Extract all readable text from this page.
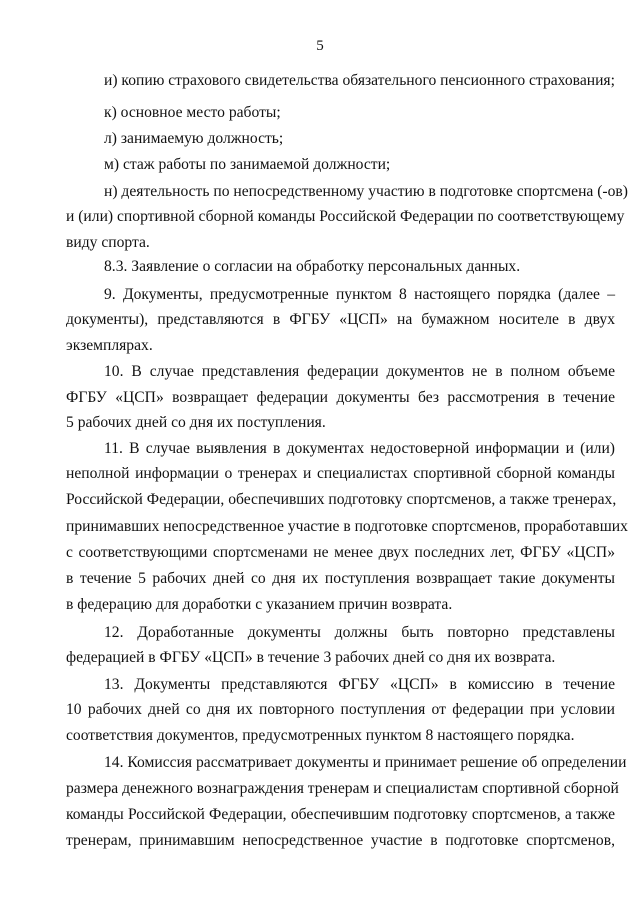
5
и) копию страхового свидетельства обязательного пенсионного страхования;
к) основное место работы;
л) занимаемую должность;
м) стаж работы по занимаемой должности;
н) деятельность по непосредственному участию в подготовке спортсмена (-ов)
и (или) спортивной сборной команды Российской Федерации по соответствующему
виду спорта.
8.3. Заявление о согласии на обработку персональных данных.
9. Документы, предусмотренные пунктом 8 настоящего порядка (далее –
документы), представляются в ФГБУ «ЦСП» на бумажном носителе в двух
экземплярах.
10. В случае представления федерации документов не в полном объеме
ФГБУ «ЦСП» возвращает федерации документы без рассмотрения в течение
5 рабочих дней со дня их поступления.
11. В случае выявления в документах недостоверной информации и (или)
неполной информации о тренерах и специалистах спортивной сборной команды
Российской Федерации, обеспечивших подготовку спортсменов, а также тренерах,
принимавших непосредственное участие в подготовке спортсменов, проработавших
с соответствующими спортсменами не менее двух последних лет, ФГБУ «ЦСП»
в течение 5 рабочих дней со дня их поступления возвращает такие документы
в федерацию для доработки с указанием причин возврата.
12. Доработанные документы должны быть повторно представлены
федерацией в ФГБУ «ЦСП» в течение 3 рабочих дней со дня их возврата.
13. Документы представляются ФГБУ «ЦСП» в комиссию в течение
10 рабочих дней со дня их повторного поступления от федерации при условии
соответствия документов, предусмотренных пунктом 8 настоящего порядка.
14. Комиссия рассматривает документы и принимает решение об определении
размера денежного вознаграждения тренерам и специалистам спортивной сборной
команды Российской Федерации, обеспечившим подготовку спортсменов, а также
тренерам, принимавшим непосредственное участие в подготовке спортсменов,
